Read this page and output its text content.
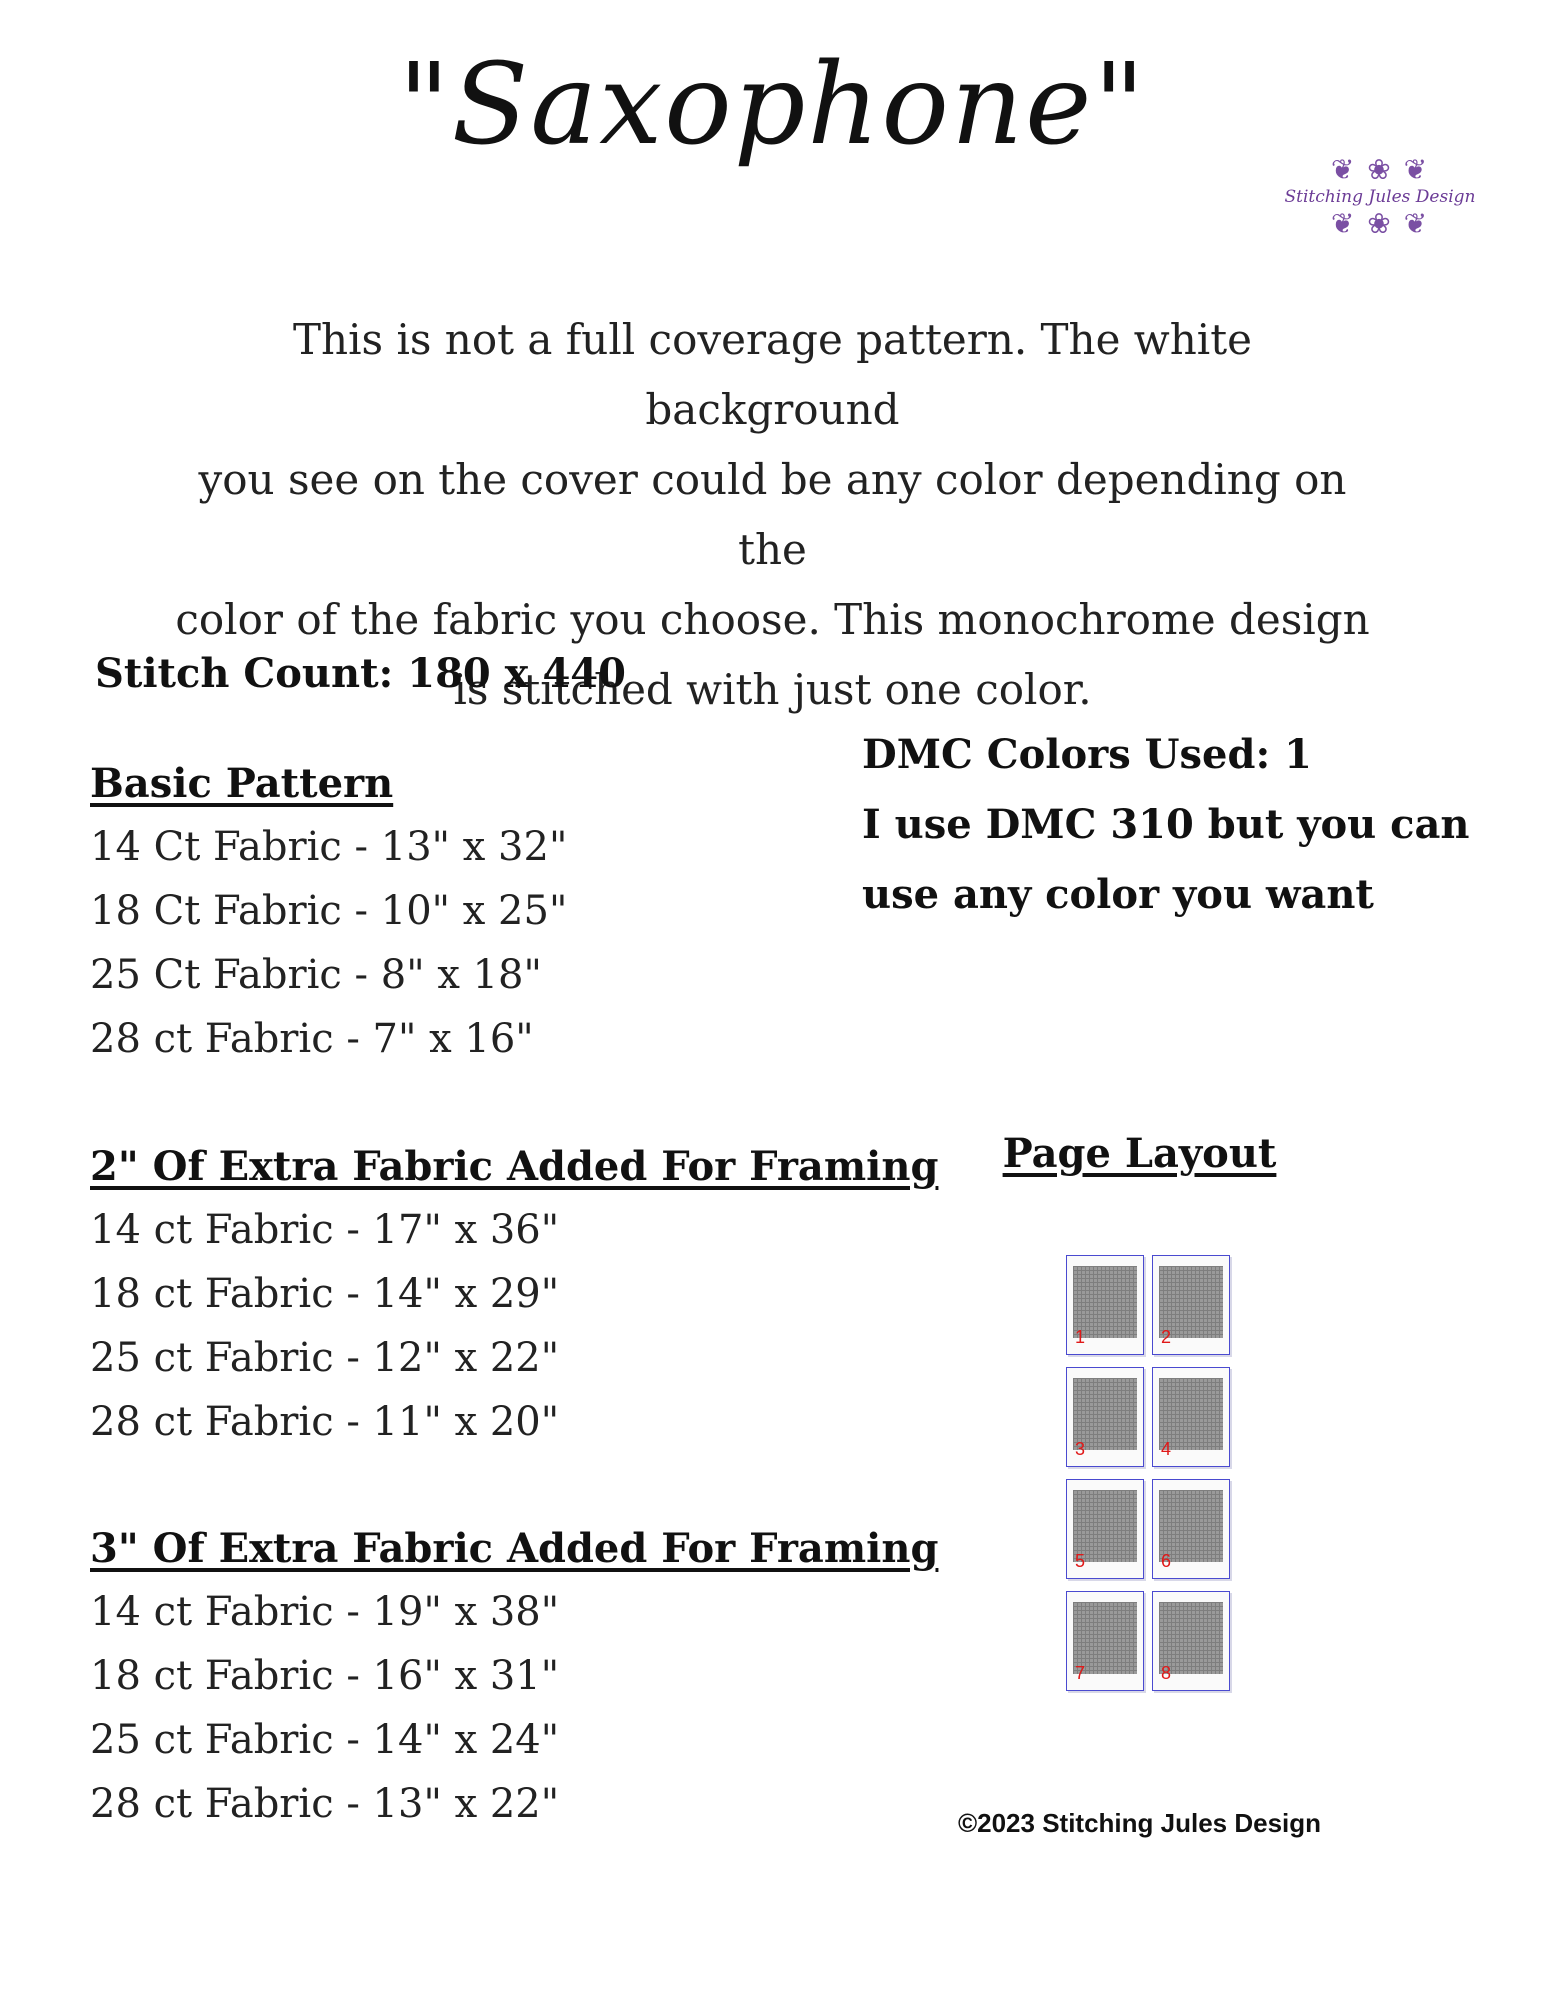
"Saxophone"	❦ ❀ ❦
Stitching Jules Design
❦ ❀ ❦
This is not a full coverage pattern. The white background
you see on the cover could be any color depending on the
color of the fabric you choose. This monochrome design
is stitched with just one color.
Stitch Count: 180 x 440
Basic Pattern
14 Ct Fabric - 13" x 32"
18 Ct Fabric - 10" x 25"
25 Ct Fabric - 8" x 18"
28 ct Fabric - 7" x 16"
2" Of Extra Fabric Added For Framing
14 ct Fabric - 17" x 36"
18 ct Fabric - 14" x 29"
25 ct Fabric - 12" x 22"
28 ct Fabric - 11" x 20"
3" Of Extra Fabric Added For Framing
14 ct Fabric - 19" x 38"
18 ct Fabric - 16" x 31"
25 ct Fabric - 14" x 24"
28 ct Fabric - 13" x 22"
DMC Colors Used: 1
I use DMC 310 but you can
use any color you want
Page Layout
1	2
3	4
5	6
7	8
©2023 Stitching Jules Design
